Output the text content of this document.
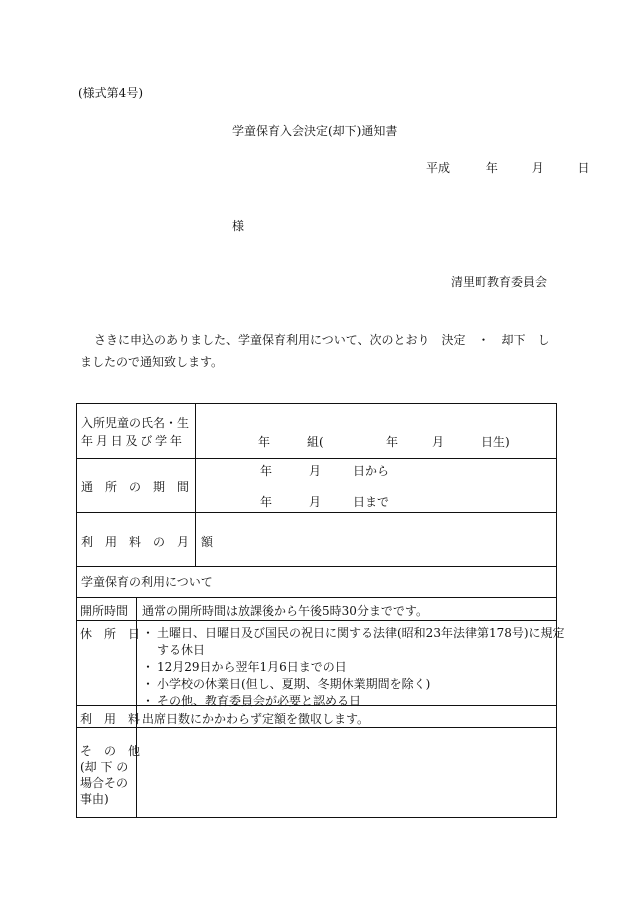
(様式第4号)
学童保育入会決定(却下)通知書
平成	年	月	日
様
清里町教育委員会
さきに申込のありました、学童保育利用について、次のとおり　決定　・　却下　しましたので通知致します。
入所児童の氏名・生
年 月 日 及 び 学 年	年	組(	年	月	日生)
通　所　の　期　間
年	月	日から
年	月	日まで
利　用　料　の　月　額
学童保育の利用について
開所時間 通常の開所時間は放課後から午後5時30分までです。
休　所　日
・	土曜日、日曜日及び国民の祝日に関する法律(昭和23年法律第178号)に規定
する休日
・ 12月29日から翌年1月6日までの日
・ 小学校の休業日(但し、夏期、冬期休業期間を除く)
・ その他、教育委員会が必要と認める日
利　用　料 出席日数にかかわらず定額を徴収します。
そ　の　他
(却 下 の
場合その
事由)
